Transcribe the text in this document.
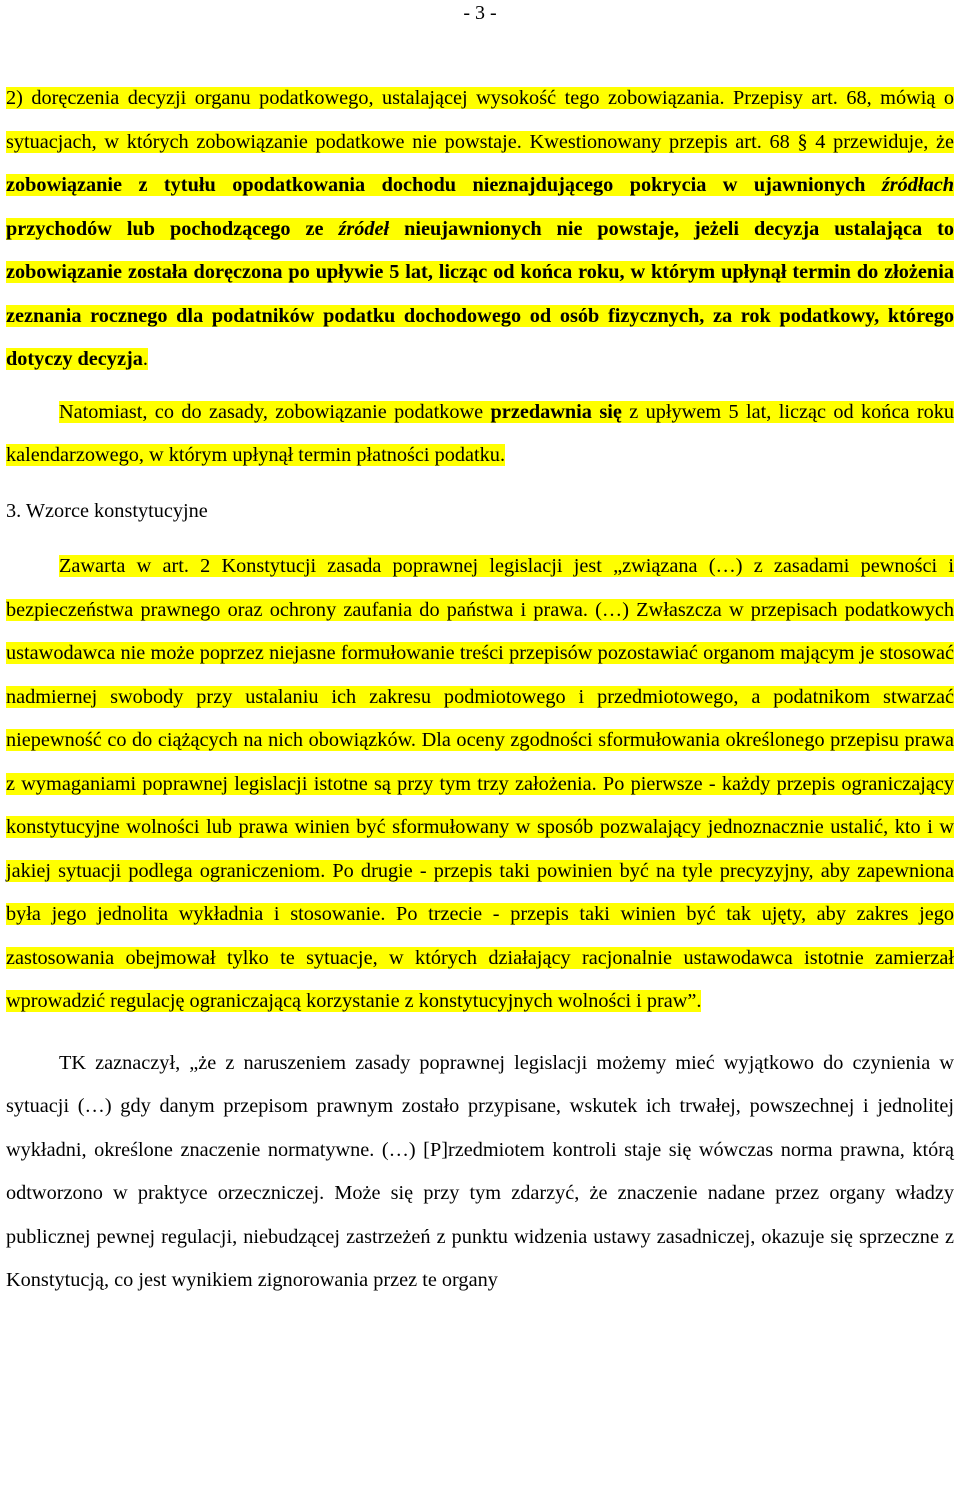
- 3 -

2) doręczenia decyzji organu podatkowego, ustalającej wysokość tego zobowiązania. Przepisy art. 68, mówią o sytuacjach, w których zobowiązanie podatkowe nie powstaje. Kwestionowany przepis art. 68 § 4 przewiduje, że zobowiązanie z tytułu opodatkowania dochodu nieznajdującego pokrycia w ujawnionych źródłach przychodów lub pochodzącego ze źródeł nieujawnionych nie powstaje, jeżeli decyzja ustalająca to zobowiązanie została doręczona po upływie 5 lat, licząc od końca roku, w którym upłynął termin do złożenia zeznania rocznego dla podatników podatku dochodowego od osób fizycznych, za rok podatkowy, którego dotyczy decyzja.

Natomiast, co do zasady, zobowiązanie podatkowe przedawnia się z upływem 5 lat, licząc od końca roku kalendarzowego, w którym upłynął termin płatności podatku.

3. Wzorce konstytucyjne

Zawarta w art. 2 Konstytucji zasada poprawnej legislacji jest „związana (…) z zasadami pewności i bezpieczeństwa prawnego oraz ochrony zaufania do państwa i prawa. (…) Zwłaszcza w przepisach podatkowych ustawodawca nie może poprzez niejasne formułowanie treści przepisów pozostawiać organom mającym je stosować nadmiernej swobody przy ustalaniu ich zakresu podmiotowego i przedmiotowego, a podatnikom stwarzać niepewność co do ciążących na nich obowiązków. Dla oceny zgodności sformułowania określonego przepisu prawa z wymaganiami poprawnej legislacji istotne są przy tym trzy założenia. Po pierwsze - każdy przepis ograniczający konstytucyjne wolności lub prawa winien być sformułowany w sposób pozwalający jednoznacznie ustalić, kto i w jakiej sytuacji podlega ograniczeniom. Po drugie - przepis taki powinien być na tyle precyzyjny, aby zapewniona była jego jednolita wykładnia i stosowanie. Po trzecie - przepis taki winien być tak ujęty, aby zakres jego zastosowania obejmował tylko te sytuacje, w których działający racjonalnie ustawodawca istotnie zamierzał wprowadzić regulację ograniczającą korzystanie z konstytucyjnych wolności i praw”.

TK zaznaczył, „że z naruszeniem zasady poprawnej legislacji możemy mieć wyjątkowo do czynienia w sytuacji (…) gdy danym przepisom prawnym zostało przypisane, wskutek ich trwałej, powszechnej i jednolitej wykładni, określone znaczenie normatywne. (…) [P]rzedmiotem kontroli staje się wówczas norma prawna, którą odtworzono w praktyce orzeczniczej. Może się przy tym zdarzyć, że znaczenie nadane przez organy władzy publicznej pewnej regulacji, niebudzącej zastrzeżeń z punktu widzenia ustawy zasadniczej, okazuje się sprzeczne z Konstytucją, co jest wynikiem zignorowania przez te organy
